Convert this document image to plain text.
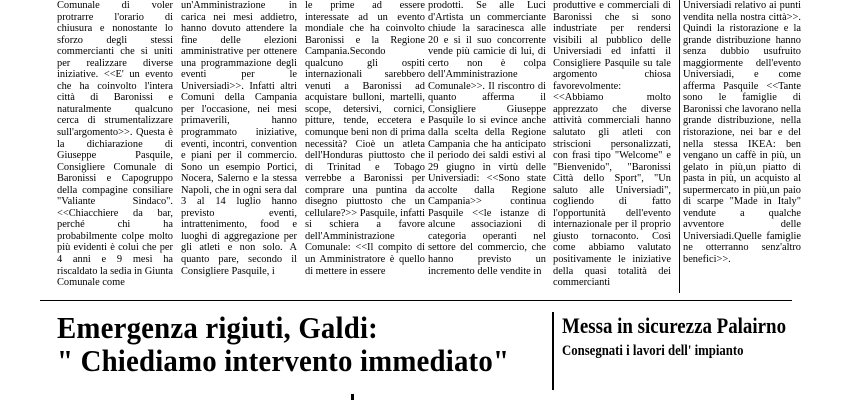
Comunale di voler protrarre l'orario di chiusura e nonostante lo sforzo degli stessi commercianti che si uniti per realizzare diverse iniziative. <<E' un evento che ha coinvolto l'intera città di Baronissi e naturalmente qualcuno cerca di strumentalizzare sull'argomento>>. Questa è la dichiarazione di Giuseppe Pasquile, Consigliere Comunale di Baronissi e Capogruppo della compagine consiliare "Valiante Sindaco". <<Chiacchiere da bar, perché chi ha probabilmente colpe molto più evidenti è colui che per 4 anni e 9 mesi ha riscaldato la sedia in Giunta Comunale come

un'Amministrazione in carica nei mesi addietro, hanno dovuto attendere la fine delle elezioni amministrative per ottenere una programmazione degli eventi per le Universiadi>>. Infatti altri Comuni della Campania per l'occasione, nei mesi primaverili, hanno programmato iniziative, eventi, incontri, convention e piani per il commercio. Sono un esempio Portici, Nocera, Salerno e la stessa Napoli, che in ogni sera dal 3 al 14 luglio hanno previsto eventi, intrattenimento, food e luoghi di aggregazione per gli atleti e non solo. A quanto pare, secondo il Consigliere Pasquile, i

le prime ad essere interessate ad un evento mondiale che ha coinvolto Baronissi e la Regione Campania.Secondo qualcuno gli ospiti internazionali sarebbero venuti a Baronissi ad acquistare bulloni, martelli, scope, detersivi, cornici, pitture, tende, eccetera e comunque beni non di prima necessità? Cioè un atleta dell'Honduras piuttosto che di Trinitad e Tobago verrebbe a Baronissi per comprare una puntina da disegno piuttosto che un cellulare?>> Pasquile, infatti si schiera a favore dell'Amministrazione Comunale: <<Il compito di un Amministratore è quello di mettere in essere

prodotti. Se alle Luci d'Artista un commerciante chiude la saracinesca alle 20 e si il suo concorrente vende più camicie di lui, di certo non è colpa dell'Amministrazione Comunale>>. Il riscontro di quanto afferma il Consigliere Giuseppe Pasquile lo si evince anche dalla scelta della Regione Campania che ha anticipato il periodo dei saldi estivi al 29 giugno in virtù delle Universiadi: <<Sono state accolte dalla Regione Campania>> continua Pasquile <<le istanze di alcune associazioni di categoria operanti nel settore del commercio, che hanno previsto un incremento delle vendite in

produttive e commerciali di Baronissi che si sono industriate per rendersi visibili al pubblico delle Universiadi ed infatti il Consigliere Pasquile su tale argomento chiosa favorevolmente: <<Abbiamo molto apprezzato che diverse attività commerciali hanno salutato gli atleti con striscioni personalizzati, con frasi tipo "Welcome" e "Bienvenido", "Baronissi Città dello Sport", "Un saluto alle Universiadi", cogliendo di fatto l'opportunità dell'evento internazionale per il proprio giusto tornaconto. Così come abbiamo valutato positivamente le iniziative della quasi totalità dei commercianti

Universiadi relativo ai punti vendita nella nostra città>>. Quindi la ristorazione e la grande distribuzione hanno senza dubbio usufruito maggiormente dell'evento Universiadi, e come afferma Pasquile <<Tante sono le famiglie di Baronissi che lavorano nella grande distribuzione, nella ristorazione, nei bar e del nella stessa IKEA: ben vengano un caffè in più, un gelato in più,un piatto di pasta in più, un acquisto al supermercato in più,un paio di scarpe "Made in Italy" vendute a qualche avventore delle Universiadi.Quelle famiglie ne otterranno senz'altro benefici>>.

Emergenza rigiuti, Galdi:
" Chiediamo intervento immediato"
Messa in sicurezza Palairno
Consegnati i lavori dell' impianto
